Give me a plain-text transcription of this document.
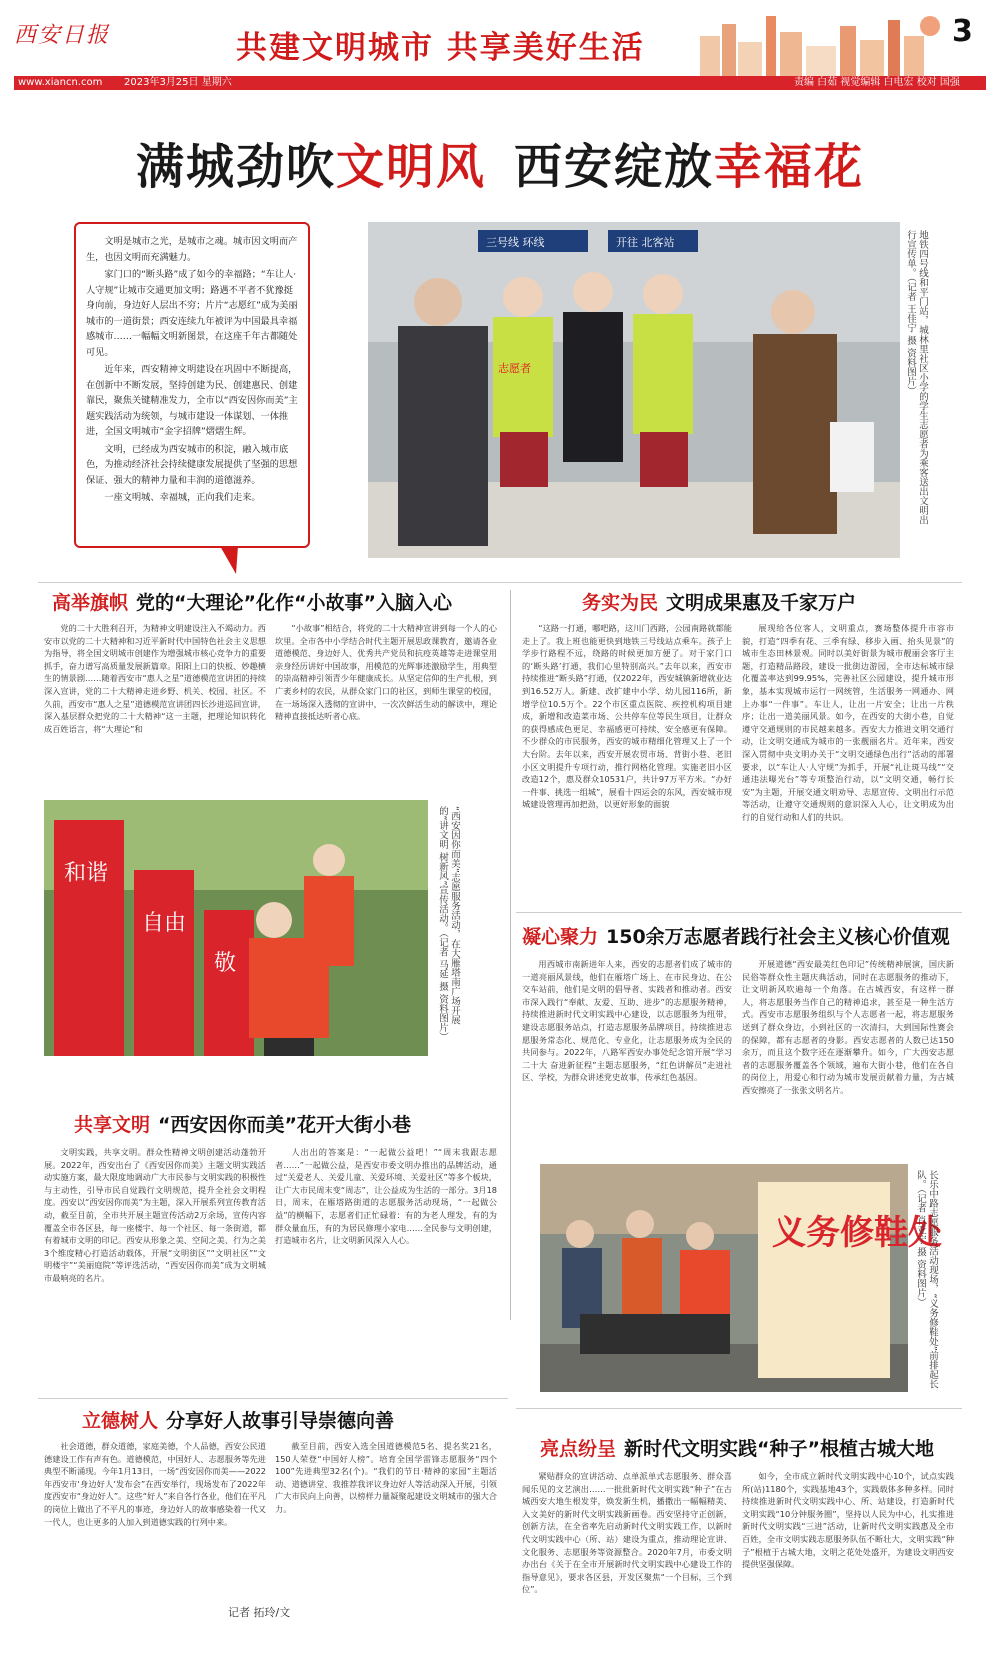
西安日报	共建文明城市 共享美好生活	3
www.xiancn.com 2023年3月25日 星期六	责编 白茹 视觉编辑 白电宏 校对 国强
满城劲吹文明风 西安绽放幸福花

文明是城市之光，是城市之魂。城市因文明而产生，也因文明而充满魅力。

家门口的“断头路”成了如今的幸福路；“车让人·人守规”让城市交通更加文明；路遇不平者不犹豫挺身向前，身边好人层出不穷；片片“志愿红”成为美丽城市的一道街景；西安连续九年被评为中国最具幸福感城市……一幅幅文明新图景，在这座千年古都随处可见。

近年来，西安精神文明建设在巩固中不断提高，在创新中不断发展，坚持创建为民、创建惠民、创建靠民，聚焦关键精准发力，全市以“西安因你而美”主题实践活动为统领，与城市建设一体谋划、一体推进，全国文明城市“金字招牌”熠熠生辉。

文明，已经成为西安城市的积淀，融入城市底色，为推动经济社会持续健康发展提供了坚强的思想保证、强大的精神力量和丰润的道德滋养。

一座文明城、幸福城，正向我们走来。

三号线 环线	开往 北客站
志愿者	地铁四号线和平门站，城林里社区小学的学生志愿者为乘客送出文明出行宣传单。（记者 王佳宁 摄 资料图片）
高举旗帜 党的“大理论”化作“小故事”入脑入心

党的二十大胜利召开，为精神文明建设注入不竭动力。西安市以党的二十大精神和习近平新时代中国特色社会主义思想为指导，将全国文明城市创建作为增强城市核心竞争力的重要抓手，奋力谱写高质量发展新篇章。阳阳上口的快板、妙趣横生的情景剧……随着西安市“惠人之星”道德模范宣讲团的持续深入宣讲，党的二十大精神走进乡野、机关、校园、社区。不久前，西安市“惠人之星”道德模范宣讲团四长沙进巡回宣讲，深入基层群众把党的二十大精神“这一主题，把理论知识转化成百姓语言，将“大理论”和

“小故事”相结合，将党的二十大精神宣讲到每一个人的心坎里。全市各中小学结合时代主题开展思政课教育，邀请各业道德模范、身边好人、优秀共产党员和抗疫英雄等走进课堂用亲身经历讲好中国故事，用模范的光辉事迹激励学生，用典型的崇高精神引领青少年健康成长。从坚定信仰的生产扎根，到广袤乡村的农民，从群众家门口的社区，到师生课堂的校园，在一场场深入透彻的宣讲中，一次次鲜活生动的解读中，理论精神直接抵达听者心底。

和谐
自由
敬	“西安因你而美”志愿服务活动，在大雁塔南广场开展的“讲文明 树新风”宣传活动。（记者 马延 摄 资料图片）
务实为民 文明成果惠及千家万户

“这路一打通，哪吧路，这川门西路，公园南路就都能走上了。我上班也能更快到地铁三号线站点乘车。孩子上学步行路程不远，绕路的时候更加方便了。对于家门口的‘断头路’打通，我们心里特别高兴。”去年以来，西安市持续推进“断头路”打通，仅2022年，西安城镇新增就业达到16.52万人。新建、改扩建中小学、幼儿园116所，新增学位10.5万个。22个市区重点医院、疾控机构项目建成，新增和改造菜市场、公共停车位等民生项目，让群众的获得感成色更足、幸福感更可持续、安全感更有保障。不少群众的市民服务，西安的城市精细化管理又上了一个大台阶。去年以来，西安开展农贸市场、背街小巷、老旧小区文明提升专项行动，推行网格化管理。实施老旧小区改造12个，惠及群众10531户，共计97万平方米。“办好一件事、挑选一组城”，展看十四运会的东风，西安城市现城建设管理再加把劲，以更好形象的面貌

展现给各位客人，文明重点，赛场整体提升市容市貌，打造“四季有花、三季有绿、移步入画、抬头见景”的城市生态田林景观。同时以美好街景为城市靓丽会客厅主题，打造精品路段，建设一批街边游园，全市达标城市绿化覆盖率达到99.95%，完善社区公园建设，提升城市形象，基本实现城市运行一网统管，生活服务一网通办、网上办事“一件事”。车让人，让出一片安全；让出一片秩序；让出一道美丽风景。如今，在西安的大街小巷，自觉遵守交通规则的市民越来越多。西安大力推进文明交通行动，让文明交通成为城市的一张靓丽名片。近年来，西安深入贯彻中央文明办关于“文明交通绿色出行”活动的部署要求，以“车让人·人守规”为抓手，开展“礼让斑马线”“交通违法曝光台”等专项整治行动，以“文明交通，畅行长安”为主题，开展交通文明劝导、志愿宣传、文明出行示范等活动，让遵守交通规则的意识深入人心，让文明成为出行的自觉行动和人们的共识。

凝心聚力 150余万志愿者践行社会主义核心价值观

用西城市南新进年人来，西安的志愿者们成了城市的一道亮丽风景线，他们在雁塔广场上、在市民身边、在公交车站前，他们是文明的倡导者、实践者和推动者。西安市深入践行“奉献、友爱、互助、进步”的志愿服务精神，持续推进新时代文明实践中心建设，以志愿服务为纽带，建设志愿服务站点，打造志愿服务品牌项目，持续推进志愿服务常态化、规范化、专业化，让志愿服务成为全民的共同参与。2022年，八路军西安办事处纪念馆开展“学习二十大 奋进新征程”主题志愿服务，“红色讲解员”走进社区、学校，为群众讲述党史故事，传承红色基因。

开展道德“西安最美红色印记”传统精神展演，国庆新民俗等群众性主题庆典活动，同时在志愿服务的推动下，让文明新风吹遍每一个角落。在古城西安，有这样一群人，将志愿服务当作自己的精神追求，甚至是一种生活方式。西安市志愿服务组织与个人志愿者一起，将志愿服务送到了群众身边，小到社区的一次清扫，大到国际性赛会的保障，都有志愿者的身影。西安志愿者的人数已达150余万，而且这个数字还在逐渐攀升。如今，广大西安志愿者的志愿服务覆盖各个领域，遍布大街小巷，他们在各自的岗位上，用爱心和行动为城市发展贡献着力量，为古城西安擦亮了一张张文明名片。

义务修鞋处
长乐中路志愿服务活动现场，“义务修鞋处”前排起长队。（记者 肖亚宁 摄 资料图片）
共享文明 “西安因你而美”花开大街小巷

文明实践，共享文明。群众性精神文明创建活动蓬勃开展。2022年，西安出台了《西安因你而美》主题文明实践活动实施方案，最大限度地调动广大市民参与文明实践的积极性与主动性，引导市民自觉践行文明规范，提升全社会文明程度。西安以“西安因你而美”为主题，深入开展系列宣传教育活动，截至目前，全市共开展主题宣传活动2万余场，宣传内容覆盖全市各区县，每一座楼宇、每一个社区、每一条街道，都有着城市文明的印记。西安从形象之美、空间之美、行为之美3个维度精心打造活动载体，开展“文明街区”“文明社区”“文明楼宇”“美丽庭院”等评选活动，“西安因你而美”成为文明城市最响亮的名片。

人出出的答案是：“一起做公益吧！”“周末我跟志愿者……”一起做公益，是西安市委文明办推出的品牌活动，通过“关爱老人、关爱儿童、关爱环境、关爱社区”等多个板块，让广大市民周末变“周志”，让公益成为生活的一部分。3月18日，周末，在雁塔路街道的志愿服务活动现场，“一起做公益”的横幅下，志愿者们正忙碌着：有的为老人理发，有的为群众量血压，有的为居民修理小家电……全民参与文明创建，打造城市名片，让文明新风深入人心。

立德树人 分享好人故事引导崇德向善

社会道德，群众道德，家庭美德，个人品德，西安公民道德建设工作有声有色。道德模范，中国好人、志愿服务等先进典型不断涌现。今年1月13日，一场“西安因你而美——2022年西安市‘身边好人’发布会”在西安举行，现场发布了2022年度西安市“身边好人”。这些“好人”来自各行各业，他们在平凡的岗位上做出了不平凡的事迹，身边好人的故事感染着一代又一代人，也让更多的人加入到道德实践的行列中来。

截至目前，西安入选全国道德模范5名、提名奖21名，150人荣登“中国好人榜”。培育全国学雷锋志愿服务“四个100”先进典型32名(个)。“我们的节日·精神的家园”主题活动、道德讲堂、我推荐我评议身边好人等活动深入开展，引领广大市民向上向善，以榜样力量凝聚起建设文明城市的强大合力。

记者 拓玲/文
亮点纷呈 新时代文明实践“种子”根植古城大地

紧贴群众的宣讲活动、点单派单式志愿服务、群众喜闻乐见的文艺演出……一批批新时代文明实践“种子”在古城西安大地生根发芽，焕发新生机，播撒出一幅幅精美、入文美好的新时代文明实践新画卷。西安坚持守正创新，创新方法，在全省率先启动新时代文明实践工作，以新时代文明实践中心（所、站）建设为重点，推动理论宣讲、文化服务、志愿服务等资源整合。2020年7月，市委文明办出台《关于在全市开展新时代文明实践中心建设工作的指导意见》，要求各区县，开发区聚焦“一个目标，三个到位”。

如今，全市成立新时代文明实践中心10个，试点实践所(站)1180个，实践基地43个，实践载体多种多样。同时持续推进新时代文明实践中心、所、站建设，打造新时代文明实践“10分钟服务圈”，坚持以人民为中心，扎实推进新时代文明实践“三进”活动，让新时代文明实践惠及全市百姓，全市文明实践志愿服务队伍不断壮大，文明实践“种子”根植于古城大地，文明之花处处盛开，为建设文明西安提供坚强保障。
